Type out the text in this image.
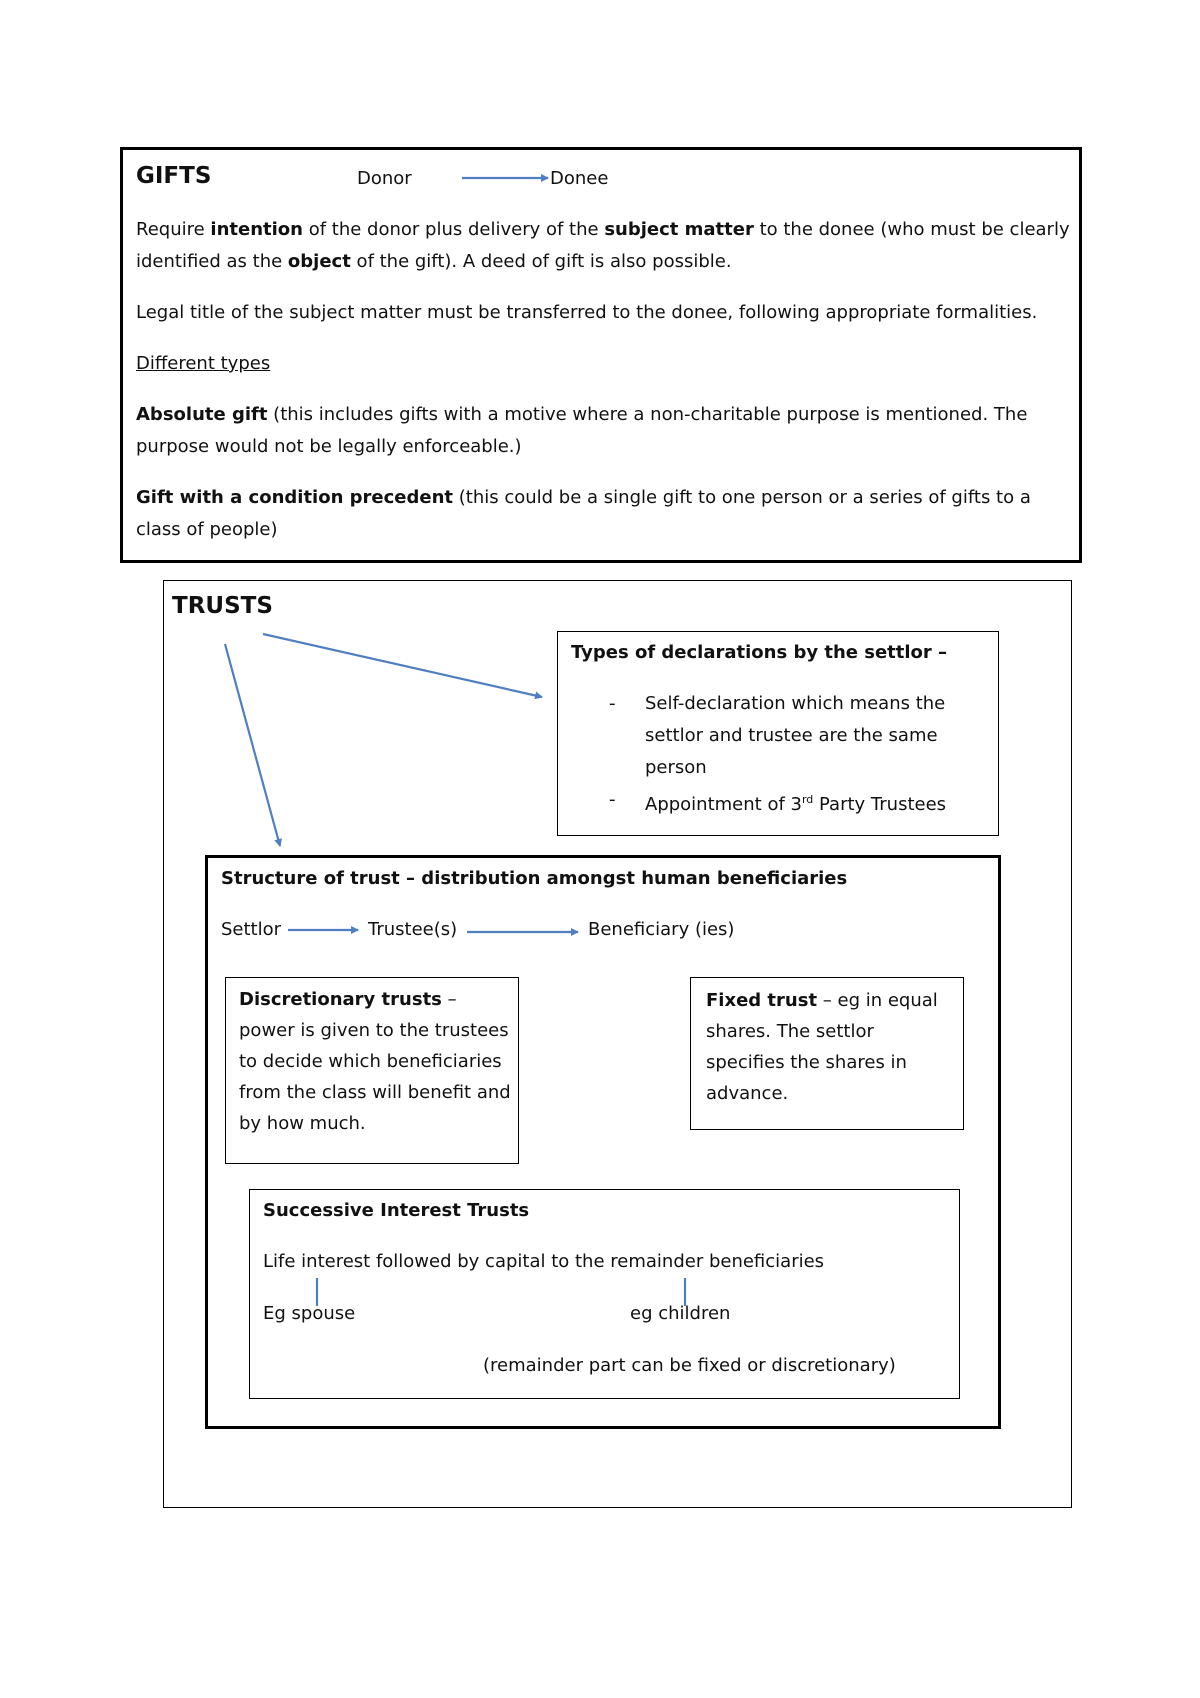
GIFTS	Donor	Donee

Require intention of the donor plus delivery of the subject matter to the donee (who must be clearly identified as the object of the gift). A deed of gift is also possible.

Legal title of the subject matter must be transferred to the donee, following appropriate formalities.

Different types

Absolute gift (this includes gifts with a motive where a non-charitable purpose is mentioned. The purpose would not be legally enforceable.)

Gift with a condition precedent (this could be a single gift to one person or a series of gifts to a class of people)

TRUSTS
Types of declarations by the settlor –
- Self-declaration which means the settlor and trustee are the same person
- Appointment of 3rd Party Trustees
Structure of trust – distribution amongst human beneficiaries
Settlor	Trustee(s)	Beneficiary (ies)

Discretionary trusts – power is given to the trustees to decide which beneficiaries from the class will benefit and by how much.

Fixed trust – eg in equal shares. The settlor specifies the shares in advance.

Successive Interest Trusts
Life interest followed by capital to the remainder beneficiaries
Eg spouse	eg children
(remainder part can be fixed or discretionary)
